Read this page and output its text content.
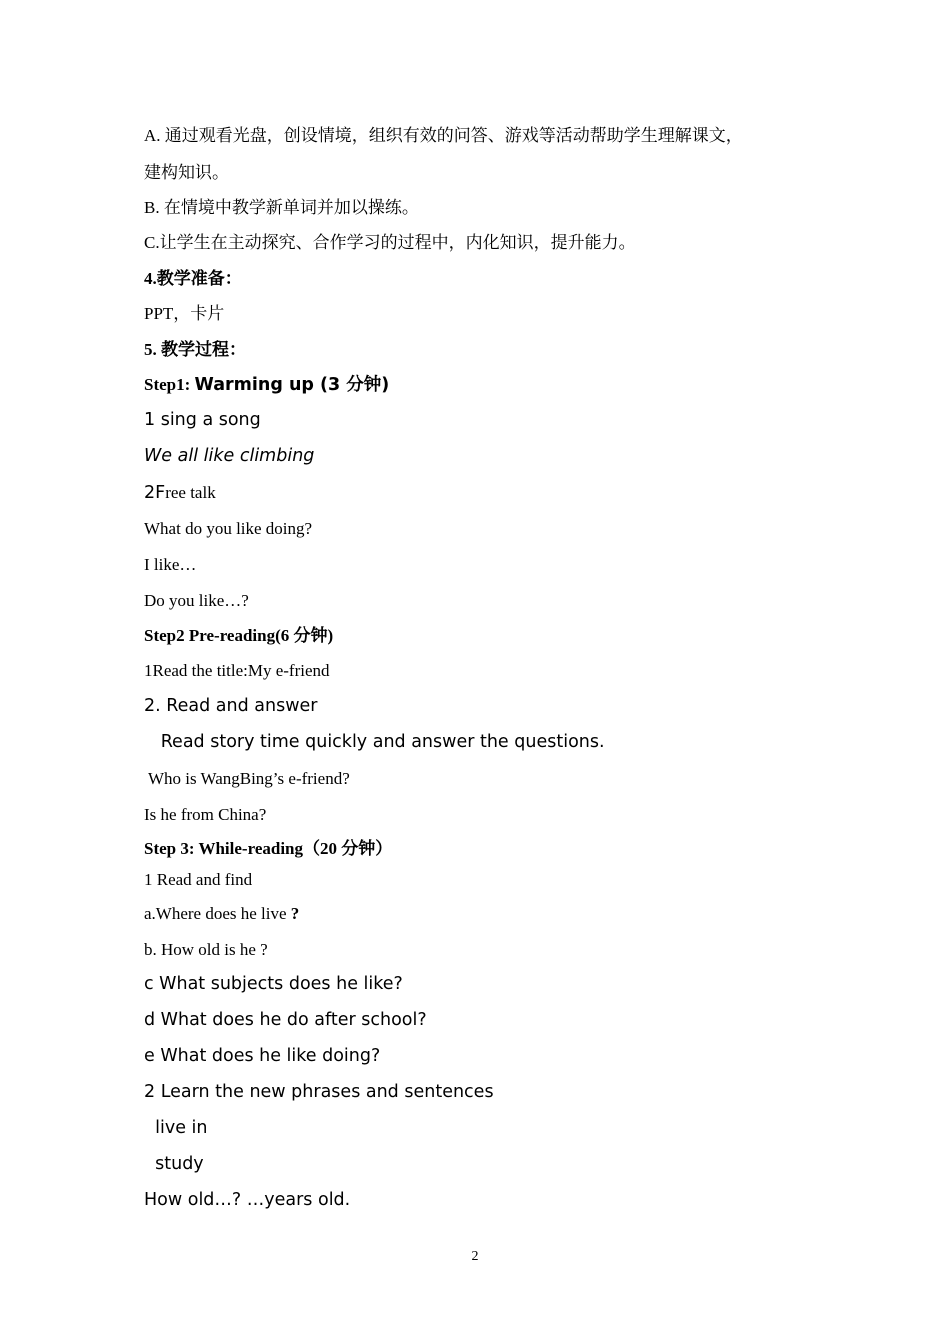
A. 通过观看光盘，创设情境，组织有效的问答、游戏等活动帮助学生理解课文，
建构知识。
B. 在情境中教学新单词并加以操练。
C.让学生在主动探究、合作学习的过程中，内化知识，提升能力。
4.教学准备：
PPT，卡片
5. 教学过程：
Step1: Warming up (3 分钟)
1 sing a song
We all like climbing
2Free talk
What do you like doing?
I like…
Do you like…?
Step2 Pre-reading(6 分钟)
1Read the title:My e-friend
2. Read and answer
Read story time quickly and answer the questions.
Who is WangBing’s e-friend?
Is he from China?
Step 3: While-reading（20 分钟）
1 Read and find
a.Where does he live ?
b. How old is he ?
c What subjects does he like?
d What does he do after school?
e What does he like doing?
2 Learn the new phrases and sentences
live in
study
How old…? …years old.
2
